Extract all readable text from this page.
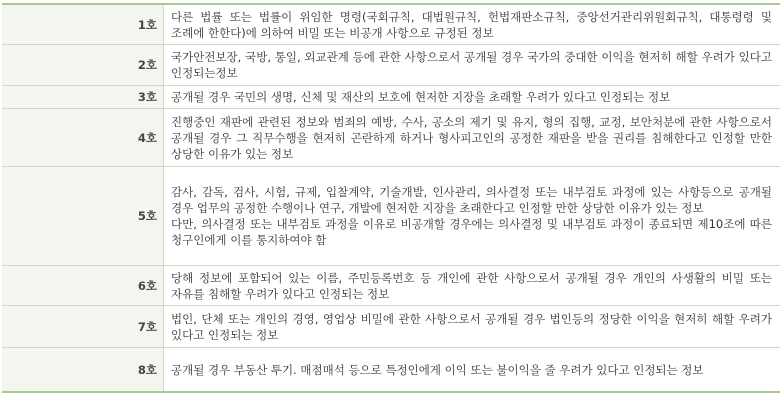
1호

다른 법률 또는 법률이 위임한 명령(국회규칙, 대법원규칙, 헌법재판소규칙, 중앙선거관리위원회규칙, 대통령령 및 조례에 한한다)에 의하여 비밀 또는 비공개 사항으로 규정된 정보

2호

국가안전보장, 국방, 통일, 외교관계 등에 관한 사항으로서 공개될 경우 국가의 중대한 이익을 현저히 해할 우려가 있다고 인정되는정보

3호	공개될 경우 국민의 생명, 신체 및 재산의 보호에 현저한 지장을 초래할 우려가 있다고 인정되는 정보

4호

진행중인 재판에 관련된 정보와 범죄의 예방, 수사, 공소의 제기 및 유지, 형의 집행, 교정, 보안처분에 관한 사항으로서 공개될 경우 그 직무수행을 현저히 곤란하게 하거나 형사피고인의 공정한 재판을 받을 권리를 침해한다고 인정할 만한 상당한 이유가 있는 정보

5호

감사, 감독, 검사, 시험, 규제, 입찰계약, 기술개발, 인사관리, 의사결정 또는 내부검토 과정에 있는 사항등으로 공개될 경우 업무의 공정한 수행이나 연구, 개발에 현저한 지장을 초래한다고 인정할 만한 상당한 이유가 있는 정보

다만, 의사결정 또는 내부검토 과정을 이유로 비공개할 경우에는 의사결정 및 내부검토 과정이 종료되면 제10조에 따른 청구인에게 이를 통지하여야 함

6호

당해 정보에 포함되어 있는 이름, 주민등록번호 등 개인에 관한 사항으로서 공개될 경우 개인의 사생활의 비밀 또는 자유를 침해할 우려가 있다고 인정되는 정보

7호

법인, 단체 또는 개인의 경영, 영업상 비밀에 관한 사항으로서 공개될 경우 법인등의 정당한 이익을 현저히 해할 우려가 있다고 인정되는 정보

8호	공개될 경우 부동산 투기. 매점매석 등으로 특정인에게 이익 또는 불이익을 줄 우려가 있다고 인정되는 정보
